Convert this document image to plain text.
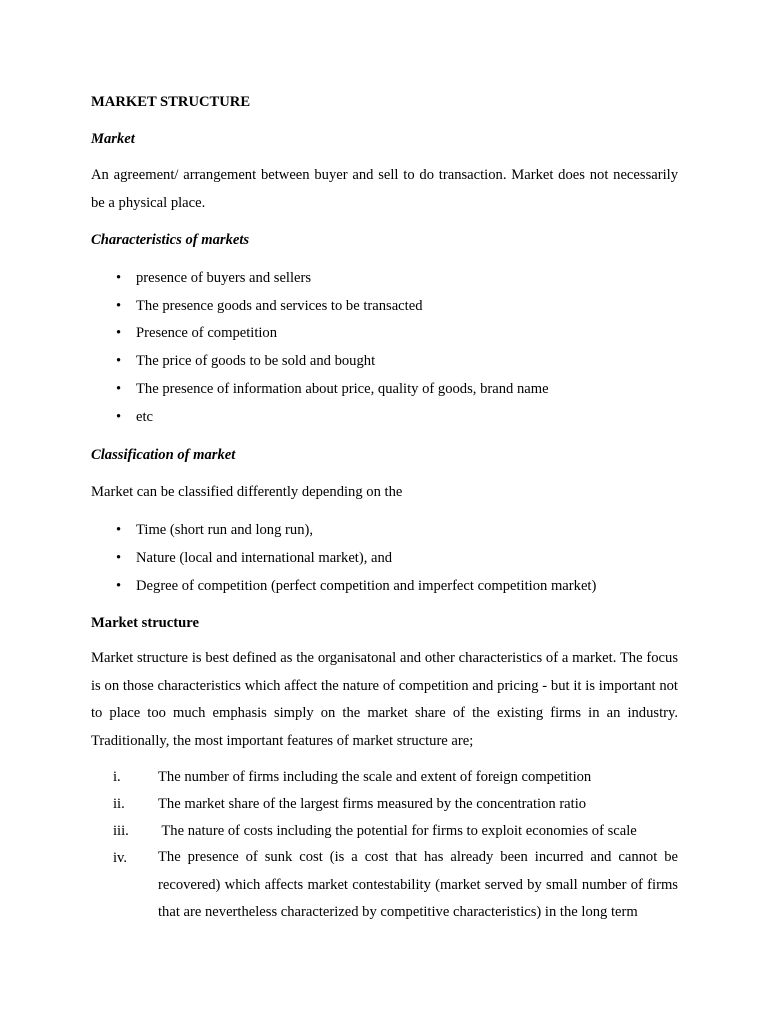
MARKET STRUCTURE
Market
An agreement/ arrangement between buyer and sell to do transaction. Market does not necessarily be a physical place.
Characteristics of markets
• presence of buyers and sellers
• The presence goods and services to be transacted
• Presence of competition
• The price of goods to be sold and bought
• The presence of information about price, quality of goods, brand name
• etc
Classification of market
Market can be classified differently depending on the
• Time (short run and long run),
• Nature (local and international market), and
• Degree of competition (perfect competition and imperfect competition market)
Market structure
Market structure is best defined as the organisatonal and other characteristics of a market. The focus is on those characteristics which affect the nature of competition and pricing - but it is important not to place too much emphasis simply on the market share of the existing firms in an industry. Traditionally, the most important features of market structure are;
i.	The number of firms including the scale and extent of foreign competition
ii. The market share of the largest firms measured by the concentration ratio
iii. The nature of costs including the potential for firms to exploit economies of scale
iv. The presence of sunk cost (is a cost that has already been incurred and cannot be recovered) which affects market contestability (market served by small number of firms that are nevertheless characterized by competitive characteristics) in the long term
